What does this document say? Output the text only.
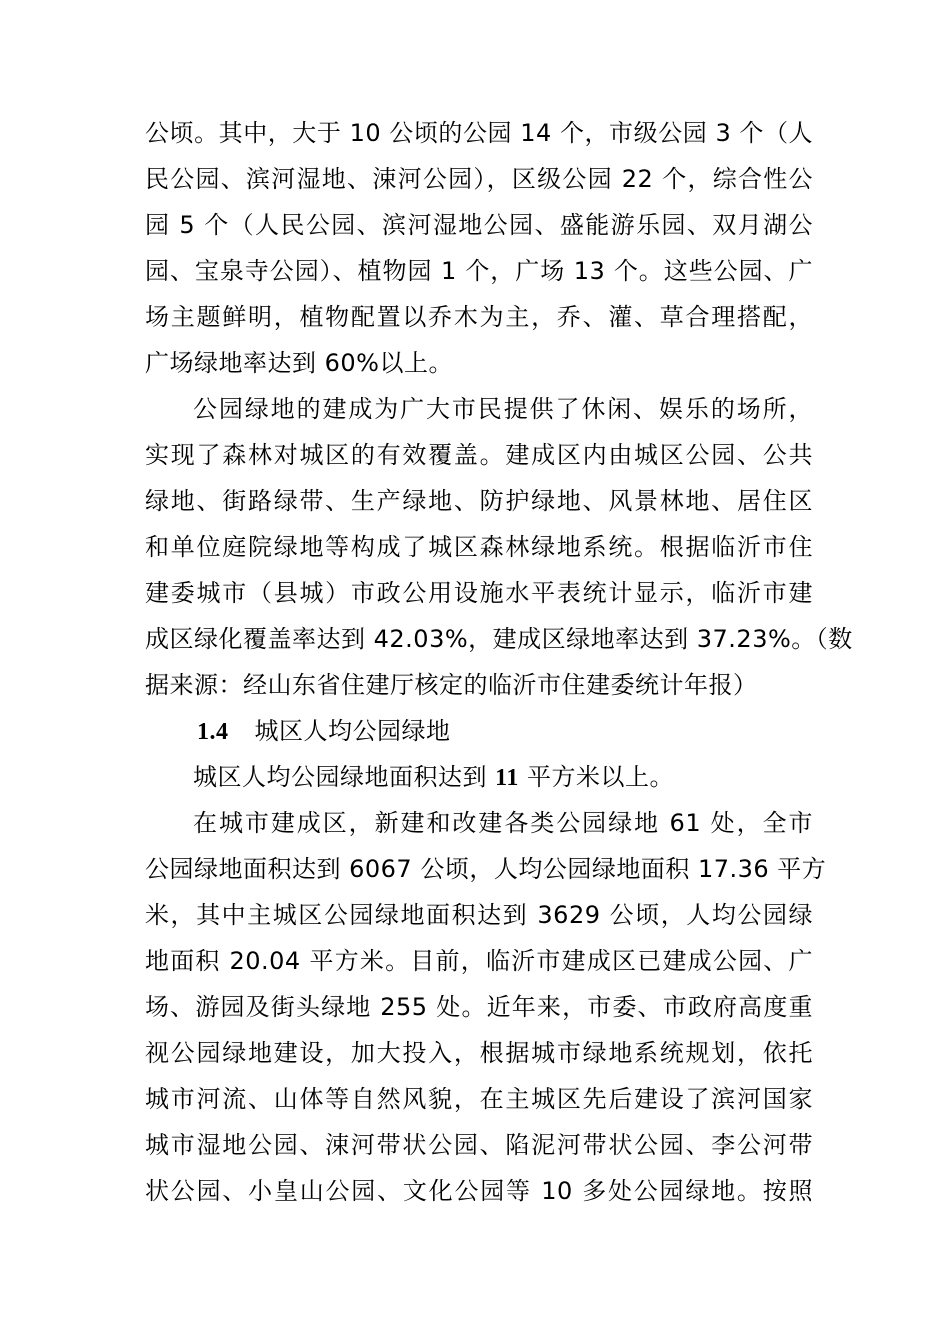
公顷。其中，大于 10 公顷的公园 14 个，市级公园 3 个（人
民公园、滨河湿地、涑河公园），区级公园 22 个，综合性公
园 5 个（人民公园、滨河湿地公园、盛能游乐园、双月湖公
园、宝泉寺公园）、植物园 1 个，广场 13 个。这些公园、广
场主题鲜明，植物配置以乔木为主，乔、灌、草合理搭配，
广场绿地率达到 60%以上。
公园绿地的建成为广大市民提供了休闲、娱乐的场所，
实现了森林对城区的有效覆盖。建成区内由城区公园、公共
绿地、街路绿带、生产绿地、防护绿地、风景林地、居住区
和单位庭院绿地等构成了城区森林绿地系统。根据临沂市住
建委城市（县城）市政公用设施水平表统计显示，临沂市建
成区绿化覆盖率达到 42.03%，建成区绿地率达到 37.23%。（数
据来源：经山东省住建厅核定的临沂市住建委统计年报）
1.4 城区人均公园绿地
城区人均公园绿地面积达到 11 平方米以上。
在城市建成区，新建和改建各类公园绿地 61 处，全市
公园绿地面积达到 6067 公顷，人均公园绿地面积 17.36 平方
米，其中主城区公园绿地面积达到 3629 公顷，人均公园绿
地面积 20.04 平方米。目前，临沂市建成区已建成公园、广
场、游园及街头绿地 255 处。近年来，市委、市政府高度重
视公园绿地建设，加大投入，根据城市绿地系统规划，依托
城市河流、山体等自然风貌，在主城区先后建设了滨河国家
城市湿地公园、涑河带状公园、陷泥河带状公园、李公河带
状公园、小皇山公园、文化公园等 10 多处公园绿地。按照
